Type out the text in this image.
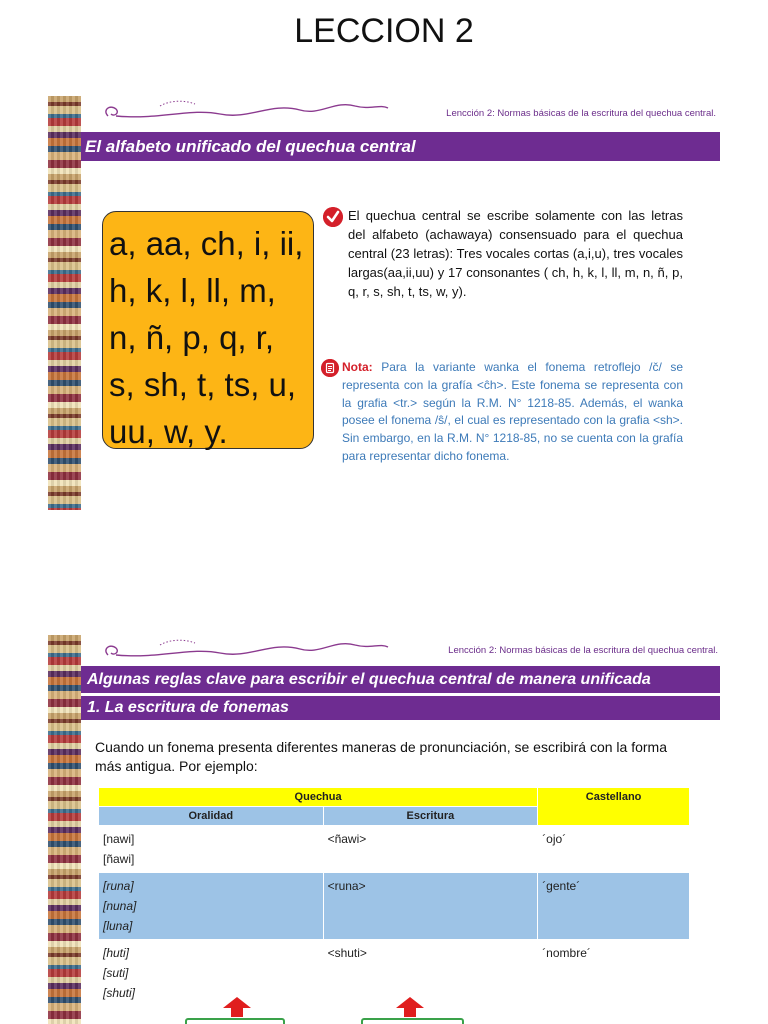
LECCION 2
Lencción 2: Normas básicas de la escritura del quechua central.
El alfabeto unificado del quechua central
a, aa, ch, i, ii,
h, k, l, ll, m,
n, ñ, p, q, r,
s, sh, t, ts, u,
uu, w, y.
El quechua central se escribe solamente con las letras del alfabeto (achawaya) consensuado para el quechua central (23 letras): Tres vocales cortas (a,i,u), tres vocales largas(aa,ii,uu) y 17 consonantes ( ch, h, k, l, ll, m, n, ñ, p, q, r, s, sh, t, ts, w, y).
Nota: Para la variante wanka el fonema retroflejo /č/ se representa con la grafía <ĉh>. Este fonema se representa con la grafia <tr.> según la R.M. N° 1218-85. Además, el wanka posee el fonema /ŝ/, el cual es representado con la grafia <sh>. Sin embargo, en la R.M. N° 1218-85, no se cuenta con la grafía para representar dicho fonema.
Lencción 2: Normas básicas de la escritura del quechua central.
Algunas reglas clave para escribir el quechua central de manera unificada
1. La escritura de fonemas
Cuando un fonema presenta diferentes maneras de pronunciación, se escribirá con la forma más antigua. Por ejemplo:
Quechua		Castellano
Oralidad	Escritura	

[nawi]
[ñawi]	<ñawi>	´ojo´

[runa]
[nuna]
[luna]	<runa>	´gente´

[huti]
[suti]
[shuti]	<shuti>	´nombre´
